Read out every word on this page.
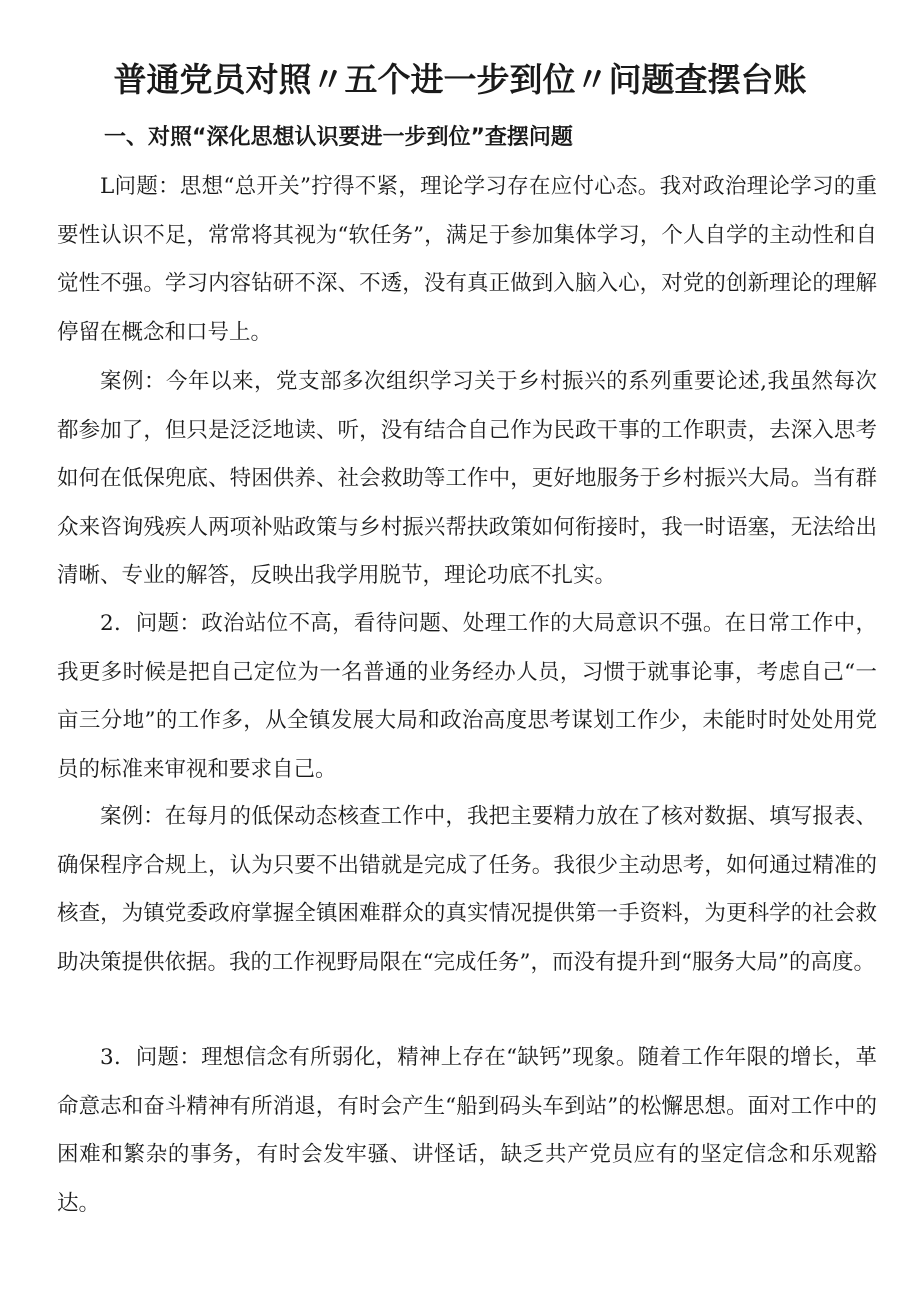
普通党员对照〃五个进一步到位〃问题查摆台账
一、对照“深化思想认识要进一步到位”查摆问题

L问题：思想“总开关”拧得不紧，理论学习存在应付心态。我对政治理论学习的重要性认识不足，常常将其视为“软任务”，满足于参加集体学习，个人自学的主动性和自觉性不强。学习内容钻研不深、不透，没有真正做到入脑入心，对党的创新理论的理解停留在概念和口号上。

案例：今年以来，党支部多次组织学习关于乡村振兴的系列重要论述,我虽然每次都参加了，但只是泛泛地读、听，没有结合自己作为民政干事的工作职责，去深入思考如何在低保兜底、特困供养、社会救助等工作中，更好地服务于乡村振兴大局。当有群众来咨询残疾人两项补贴政策与乡村振兴帮扶政策如何衔接时，我一时语塞，无法给出清晰、专业的解答，反映出我学用脱节，理论功底不扎实。

2．问题：政治站位不高，看待问题、处理工作的大局意识不强。在日常工作中，我更多时候是把自己定位为一名普通的业务经办人员，习惯于就事论事，考虑自己“一亩三分地”的工作多，从全镇发展大局和政治高度思考谋划工作少，未能时时处处用党员的标准来审视和要求自己。

案例：在每月的低保动态核查工作中，我把主要精力放在了核对数据、填写报表、确保程序合规上，认为只要不出错就是完成了任务。我很少主动思考，如何通过精准的核查，为镇党委政府掌握全镇困难群众的真实情况提供第一手资料，为更科学的社会救助决策提供依据。我的工作视野局限在“完成任务”，而没有提升到“服务大局”的高度。

3．问题：理想信念有所弱化，精神上存在“缺钙”现象。随着工作年限的增长，革命意志和奋斗精神有所消退，有时会产生“船到码头车到站”的松懈思想。面对工作中的困难和繁杂的事务，有时会发牢骚、讲怪话，缺乏共产党员应有的坚定信念和乐观豁达。
